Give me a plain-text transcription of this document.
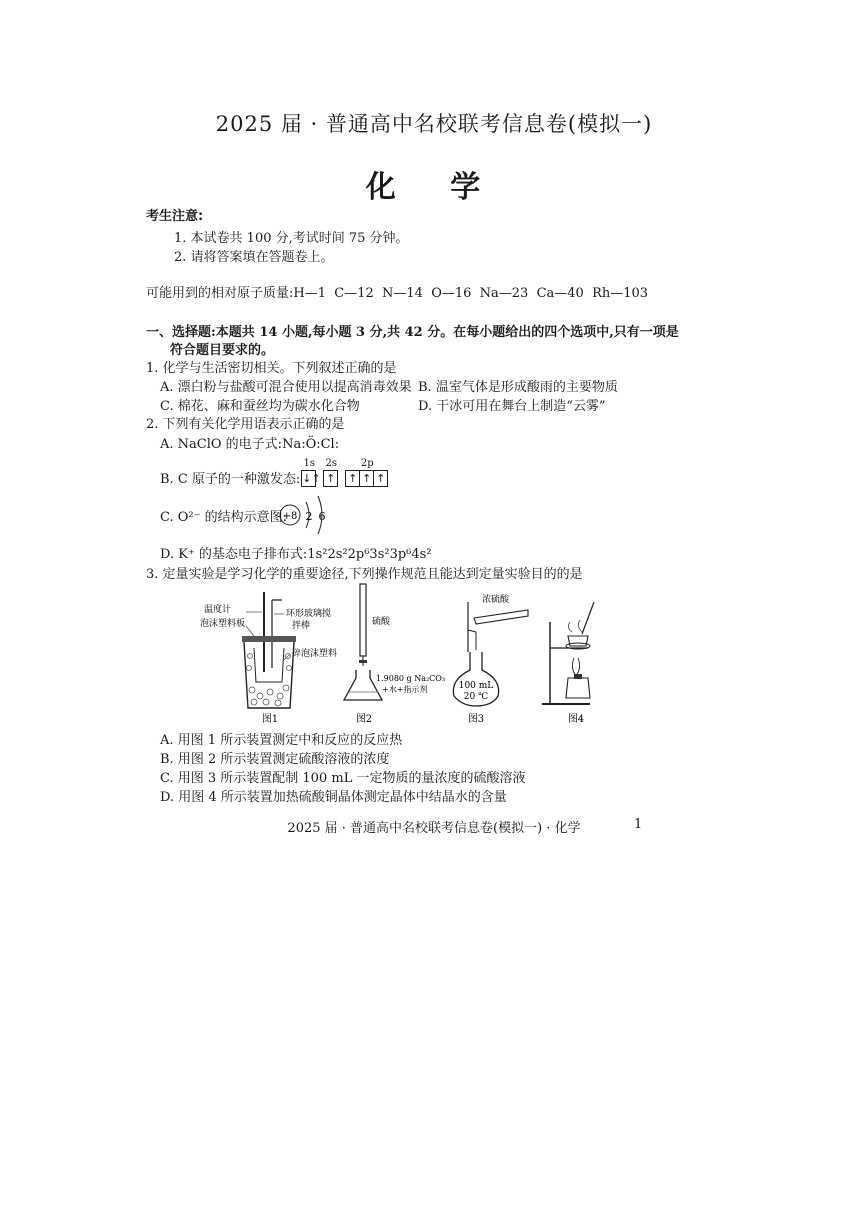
2025 届 · 普通高中名校联考信息卷(模拟一)
化 学
考生注意:
1. 本试卷共 100 分,考试时间 75 分钟。
2. 请将答案填在答题卷上。
可能用到的相对原子质量:H—1  C—12  N—14  O—16  Na—23  Ca—40  Rh—103
一、选择题:本题共 14 小题,每小题 3 分,共 42 分。在每小题给出的四个选项中,只有一项是
符合题目要求的。
1. 化学与生活密切相关。下列叙述正确的是
A. 漂白粉与盐酸可混合使用以提高消毒效果 B. 温室气体是形成酸雨的主要物质
C. 棉花、麻和蚕丝均为碳水化合物	D. 干冰可用在舞台上制造“云雾”
2. 下列有关化学用语表示正确的是
A. NaClO 的电子式:Na:Ö:Cl:
B. C 原子的一种激发态:
1s
↓↑
2s
↑
2p
↑ ↑ ↑
C. O²⁻ 的结构示意图:
+8 2 6
D. K⁺ 的基态电子排布式:1s²2s²2p⁶3s²3p⁶4s²
3. 定量实验是学习化学的重要途径,下列操作规范且能达到定量实验目的的是
温度计
泡沫塑料板
环形玻璃搅
拌棒
碎泡沫塑料
图1
硫酸
1.9080 g Na₂CO₃
+水+指示剂
图2
浓硫酸
100 mL
20 ℃
图3	图4
A. 用图 1 所示装置测定中和反应的反应热
B. 用图 2 所示装置测定硫酸溶液的浓度
C. 用图 3 所示装置配制 100 mL 一定物质的量浓度的硫酸溶液
D. 用图 4 所示装置加热硫酸铜晶体测定晶体中结晶水的含量
2025 届 · 普通高中名校联考信息卷(模拟一) · 化学	1
